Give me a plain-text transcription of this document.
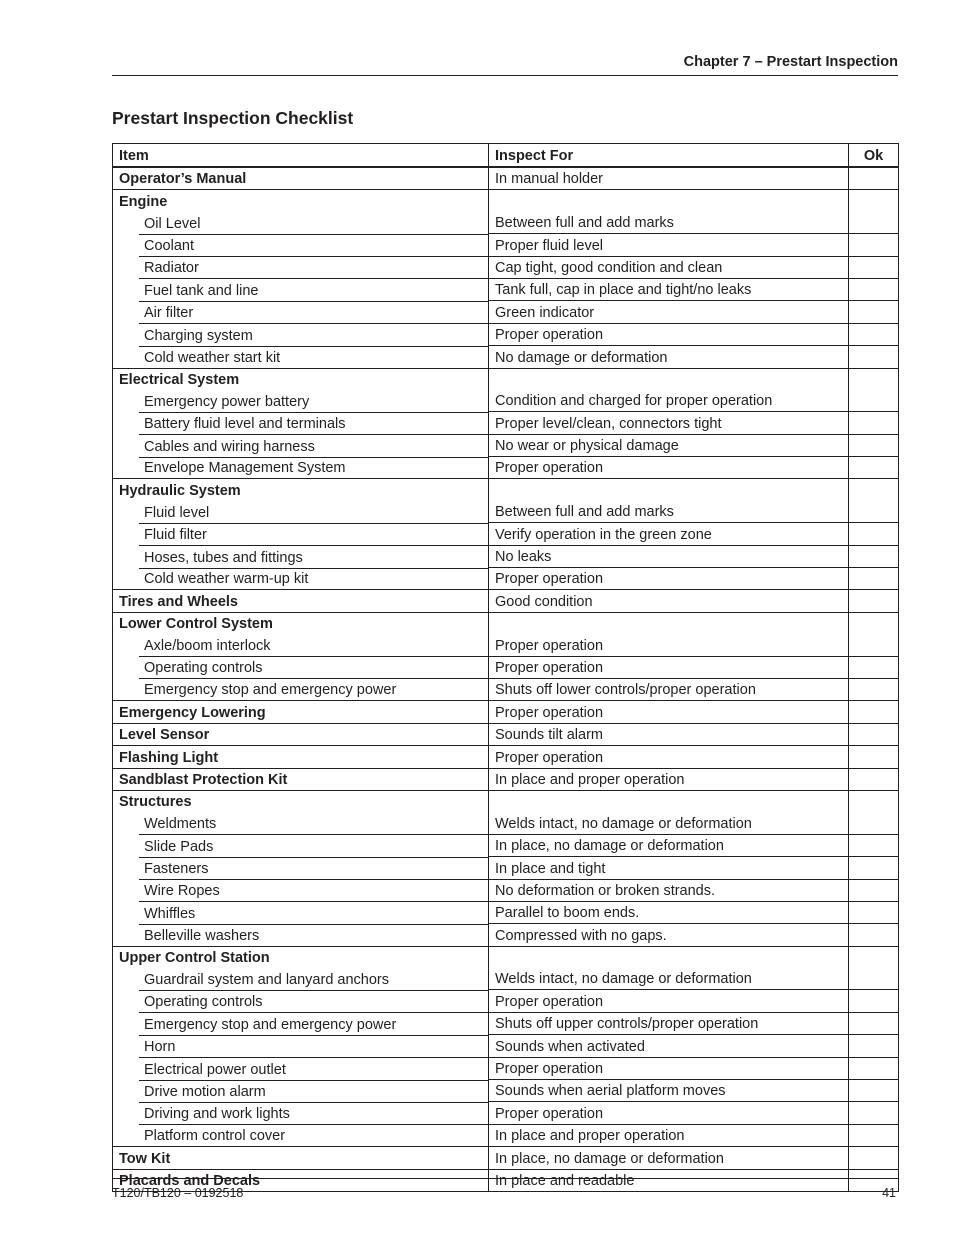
Chapter 7 – Prestart Inspection
Prestart Inspection Checklist
Item	Inspect For	Ok
Operator’s Manual	In manual holder	
Engine		
Oil Level	Between full and add marks	
Coolant	Proper fluid level	
Radiator	Cap tight, good condition and clean	
Fuel tank and line	Tank full, cap in place and tight/no leaks	
Air filter	Green indicator	
Charging system	Proper operation	
Cold weather start kit	No damage or deformation	
Electrical System		
Emergency power battery	Condition and charged for proper operation	
Battery fluid level and terminals	Proper level/clean, connectors tight	
Cables and wiring harness	No wear or physical damage	
Envelope Management System	Proper operation	
Hydraulic System		
Fluid level	Between full and add marks	
Fluid filter	Verify operation in the green zone	
Hoses, tubes and fittings	No leaks	
Cold weather warm-up kit	Proper operation	
Tires and Wheels	Good condition	
Lower Control System		
Axle/boom interlock	Proper operation	
Operating controls	Proper operation	
Emergency stop and emergency power	Shuts off lower controls/proper operation	
Emergency Lowering	Proper operation	
Level Sensor	Sounds tilt alarm	
Flashing Light	Proper operation	
Sandblast Protection Kit	In place and proper operation	
Structures		
Weldments	Welds intact, no damage or deformation	
Slide Pads	In place, no damage or deformation	
Fasteners	In place and tight	
Wire Ropes	No deformation or broken strands.	
Whiffles	Parallel to boom ends.	
Belleville washers	Compressed with no gaps.	
Upper Control Station		
Guardrail system and lanyard anchors	Welds intact, no damage or deformation	
Operating controls	Proper operation	
Emergency stop and emergency power	Shuts off upper controls/proper operation	
Horn	Sounds when activated	
Electrical power outlet	Proper operation	
Drive motion alarm	Sounds when aerial platform moves	
Driving and work lights	Proper operation	
Platform control cover	In place and proper operation	
Tow Kit	In place, no damage or deformation	
Placards and Decals	In place and readable	
T120/TB120 – 0192518	41
